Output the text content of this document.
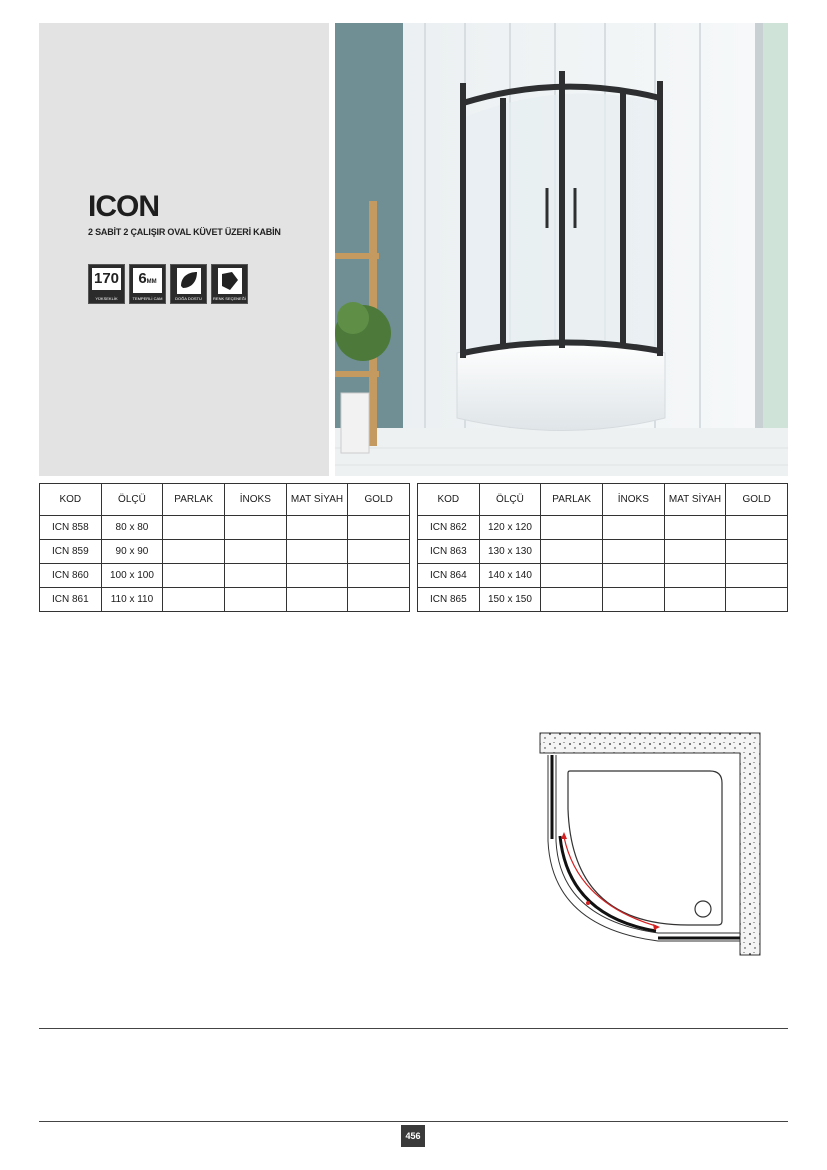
ICON
2 SABİT 2 ÇALIŞIR OVAL KÜVET ÜZERİ KABİN
170
YÜKSEKLİK
6MM
TEMPERLİ CAM	DOĞA DOSTU	RENK SEÇENEĞİ
KOD	ÖLÇÜ	PARLAK	İNOKS	MAT SİYAH	GOLD
ICN 858	80 x 80				
ICN 859	90 x 90				
ICN 860	100 x 100				
ICN 861	110 x 110				
KOD	ÖLÇÜ	PARLAK	İNOKS	MAT SİYAH	GOLD
ICN 862	120 x 120				
ICN 863	130 x 130				
ICN 864	140 x 140				
ICN 865	150 x 150				
456
